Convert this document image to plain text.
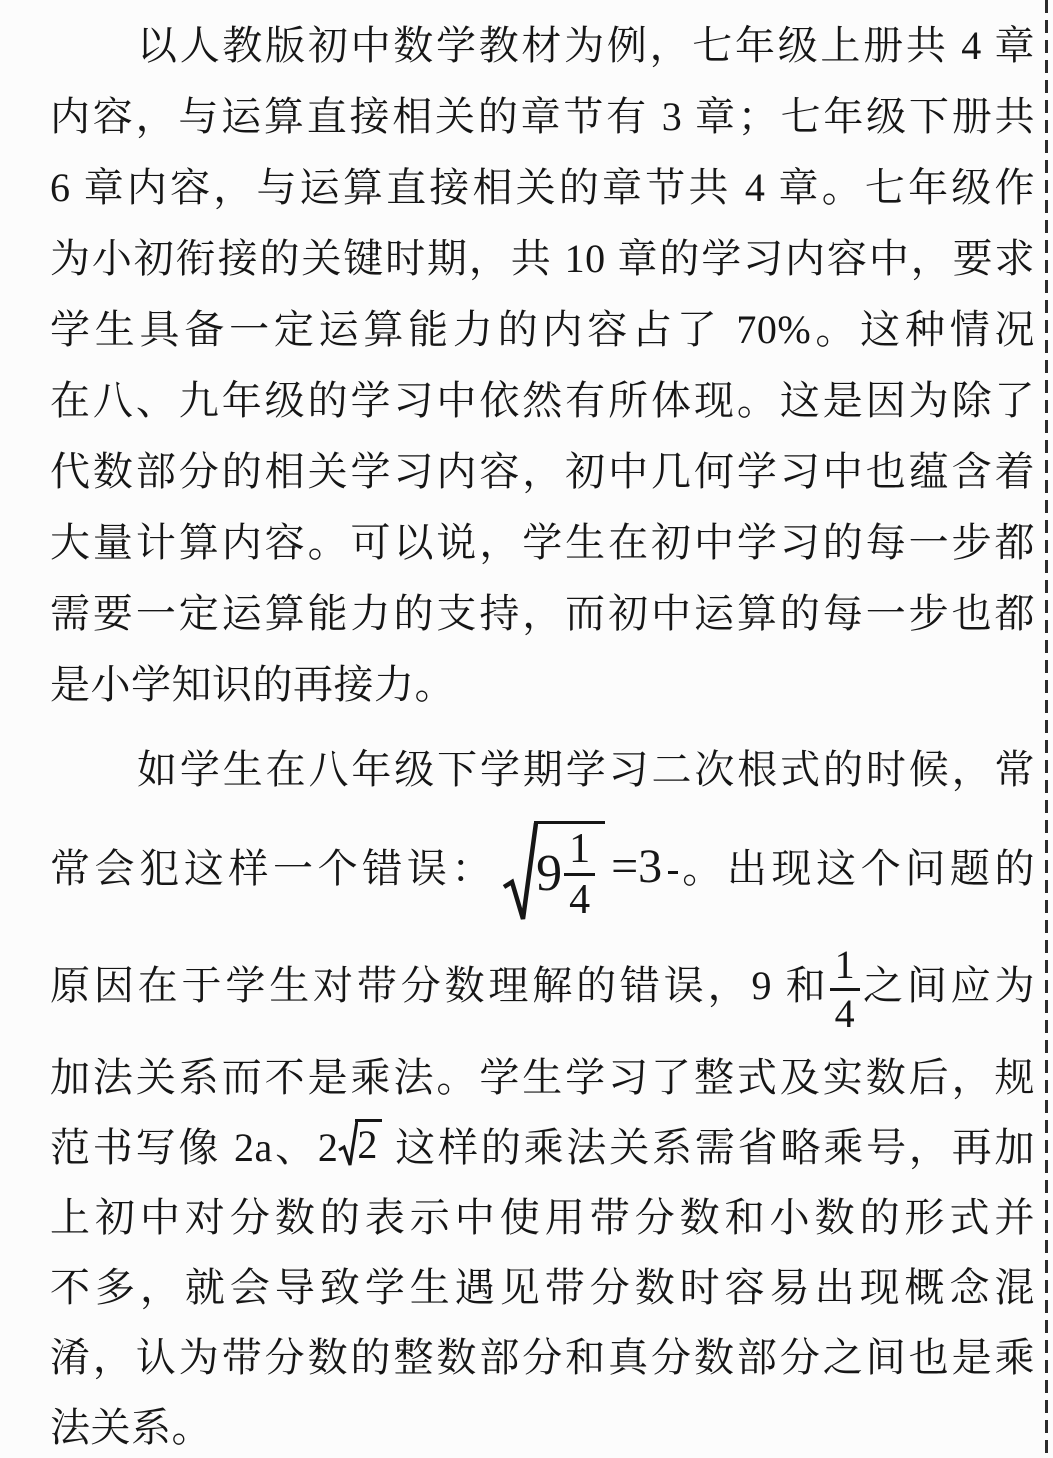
以人教版初中数学教材为例，七年级上册共 4 章
内容，与运算直接相关的章节有 3 章；七年级下册共
6 章内容，与运算直接相关的章节共 4 章。七年级作
为小初衔接的关键时期，共 10 章的学习内容中，要求
学生具备一定运算能力的内容占了 70%。这种情况
在八、九年级的学习中依然有所体现。这是因为除了
代数部分的相关学习内容，初中几何学习中也蕴含着
大量计算内容。可以说，学生在初中学习的每一步都
需要一定运算能力的支持，而初中运算的每一步也都
是小学知识的再接力。
如学生在八年级下学期学习二次根式的时候，常
常会犯这样一个错误： $9 \frac{1}{4} =3$ 。出现这个问题的
原因在于学生对带分数理解的错误，9 和 $\frac{1}{4}$ 之间应为
加法关系而不是乘法。学生学习了整式及实数后，规
范书写像 2a、2 2 这样的乘法关系需省略乘号，再加
上初中对分数的表示中使用带分数和小数的形式并
不多，就会导致学生遇见带分数时容易出现概念混
淆，认为带分数的整数部分和真分数部分之间也是乘
法关系。
